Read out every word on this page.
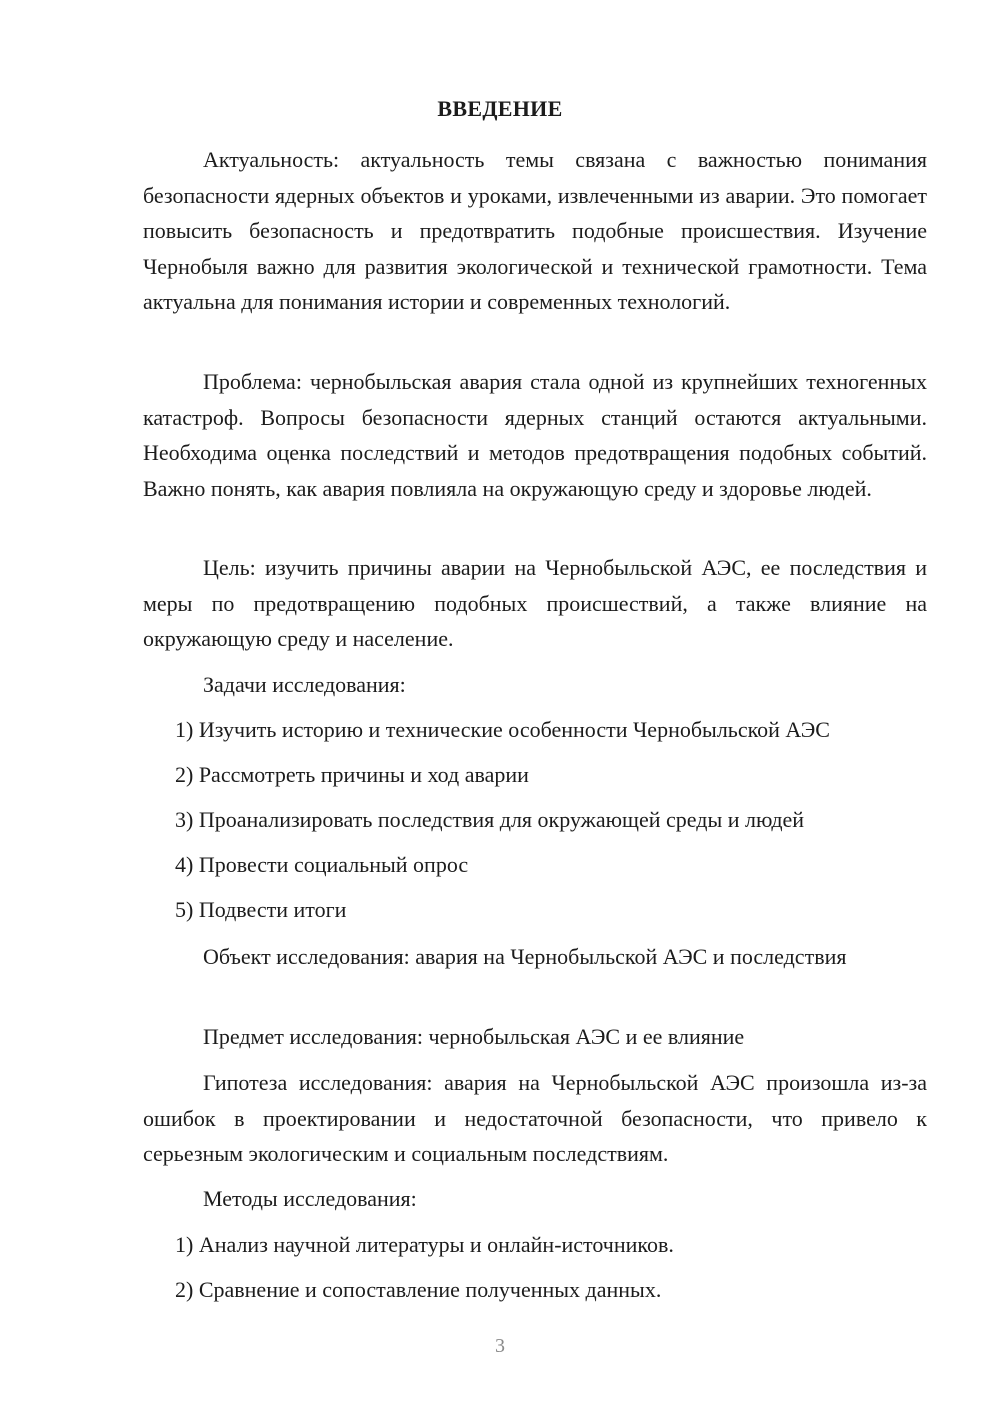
ВВЕДЕНИЕ
Актуальность: актуальность темы связана с важностью понимания безопасности ядерных объектов и уроками, извлеченными из аварии. Это помогает повысить безопасность и предотвратить подобные происшествия. Изучение Чернобыля важно для развития экологической и технической грамотности. Тема актуальна для понимания истории и современных технологий.
Проблема: чернобыльская авария стала одной из крупнейших техногенных катастроф. Вопросы безопасности ядерных станций остаются актуальными. Необходима оценка последствий и методов предотвращения подобных событий. Важно понять, как авария повлияла на окружающую среду и здоровье людей.
Цель: изучить причины аварии на Чернобыльской АЭС, ее последствия и меры по предотвращению подобных происшествий, а также влияние на окружающую среду и население.
Задачи исследования:
1) Изучить историю и технические особенности Чернобыльской АЭС
2) Рассмотреть причины и ход аварии
3) Проанализировать последствия для окружающей среды и людей
4) Провести социальный опрос
5) Подвести итоги
Объект исследования: авария на Чернобыльской АЭС и последствия
Предмет исследования: чернобыльская АЭС и ее влияние
Гипотеза исследования: авария на Чернобыльской АЭС произошла из-за ошибок в проектировании и недостаточной безопасности, что привело к серьезным экологическим и социальным последствиям.
Методы исследования:
1) Анализ научной литературы и онлайн-источников.
2) Сравнение и сопоставление полученных данных.
3
